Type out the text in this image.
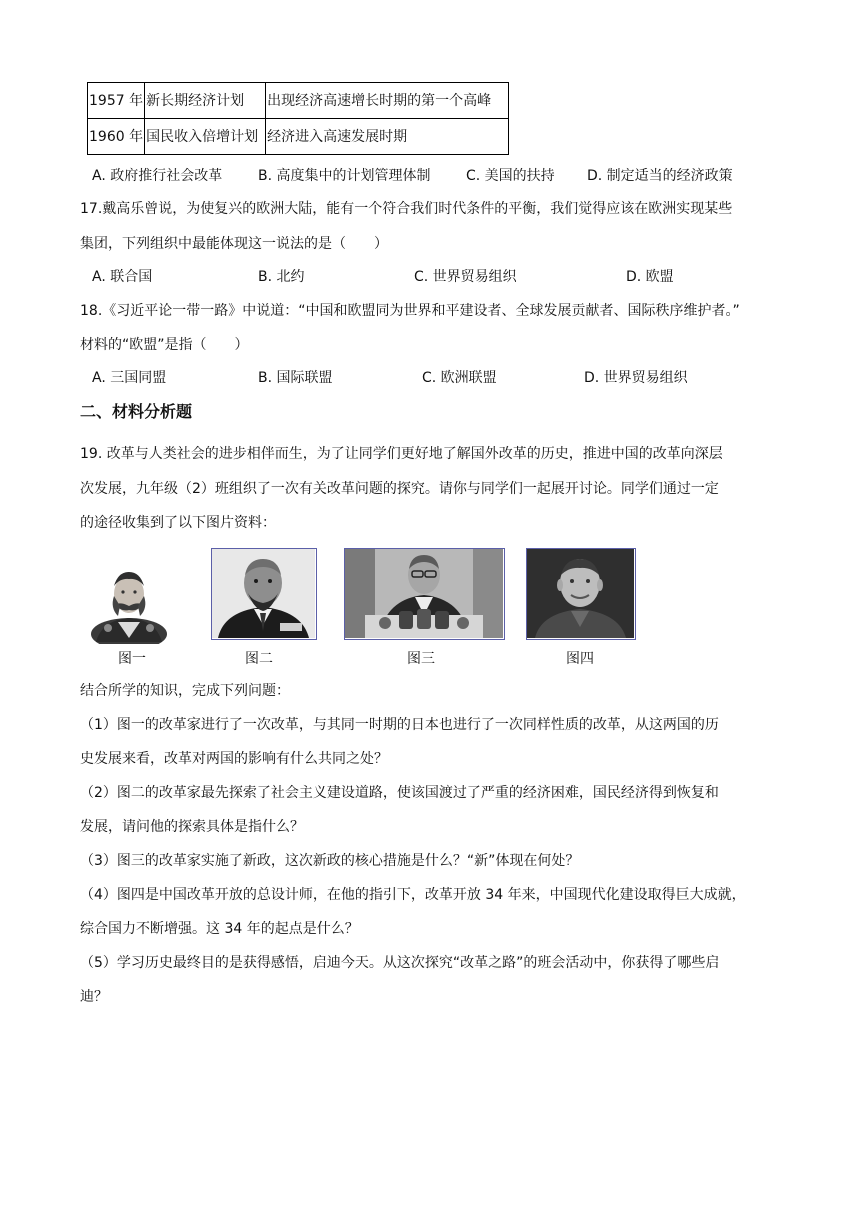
1957 年	新长期经济计划	出现经济高速增长时期的第一个高峰
1960 年	国民收入倍增计划	经济进入高速发展时期
A. 政府推行社会改革	B. 高度集中的计划管理体制	C. 美国的扶持 D. 制定适当的经济政策
17.戴高乐曾说，为使复兴的欧洲大陆，能有一个符合我们时代条件的平衡，我们觉得应该在欧洲实现某些
集团，下列组织中最能体现这一说法的是（　　）
A. 联合国	B. 北约	C. 世界贸易组织	D. 欧盟
18.《习近平论一带一路》中说道：“中国和欧盟同为世界和平建设者、全球发展贡献者、国际秩序维护者。”
材料的“欧盟”是指（　　）
A. 三国同盟	B. 国际联盟	C. 欧洲联盟	D. 世界贸易组织
二、材料分析题
19. 改革与人类社会的进步相伴而生，为了让同学们更好地了解国外改革的历史，推进中国的改革向深层
次发展，九年级（2）班组织了一次有关改革问题的探究。请你与同学们一起展开讨论。同学们通过一定
的途径收集到了以下图片资料：
图一	图二	图三	图四
结合所学的知识，完成下列问题：
（1）图一的改革家进行了一次改革，与其同一时期的日本也进行了一次同样性质的改革，从这两国的历
史发展来看，改革对两国的影响有什么共同之处？
（2）图二的改革家最先探索了社会主义建设道路，使该国渡过了严重的经济困难，国民经济得到恢复和
发展，请问他的探索具体是指什么？
（3）图三的改革家实施了新政，这次新政的核心措施是什么？“新”体现在何处？
（4）图四是中国改革开放的总设计师，在他的指引下，改革开放 34 年来，中国现代化建设取得巨大成就，
综合国力不断增强。这 34 年的起点是什么？
（5）学习历史最终目的是获得感悟，启迪今天。从这次探究“改革之路”的班会活动中，你获得了哪些启
迪？
